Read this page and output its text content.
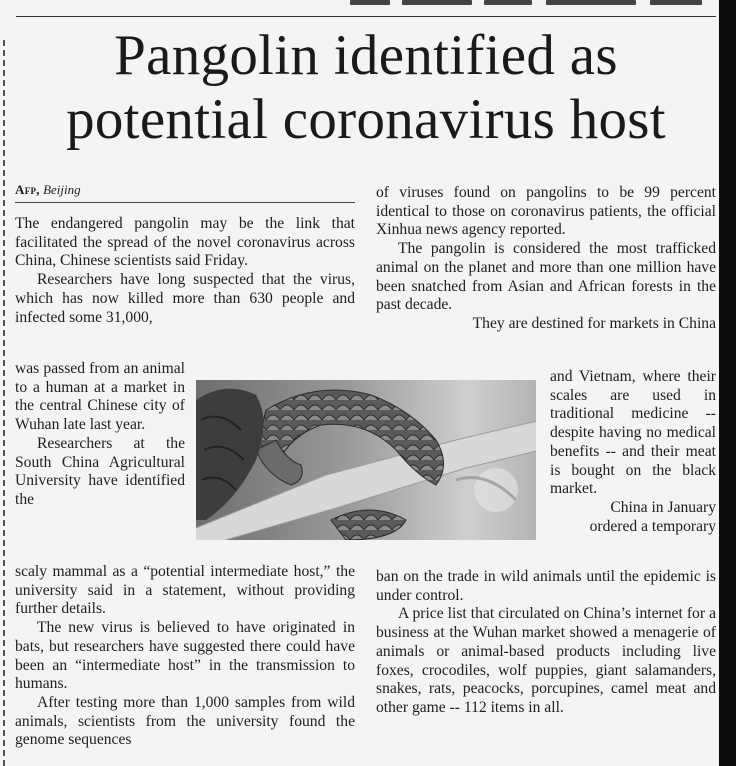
Pangolin identified as potential coronavirus host
Afp, Beijing

The endangered pangolin may be the link that facilitated the spread of the novel coronavirus across China, Chinese scientists said Friday.

Researchers have long suspected that the virus, which has now killed more than 630 people and infected some 31,000,

was passed from an animal to a human at a market in the central Chinese city of Wuhan late last year.

Researchers at the South China Agricultural University have identified the

scaly mammal as a “potential intermediate host,” the university said in a statement, without providing further details.

The new virus is believed to have originated in bats, but researchers have suggested there could have been an “intermediate host” in the transmission to humans.

After testing more than 1,000 samples from wild animals, scientists from the university found the genome sequences

of viruses found on pangolins to be 99 percent identical to those on coronavirus patients, the official Xinhua news agency reported.

The pangolin is considered the most trafficked animal on the planet and more than one million have been snatched from Asian and African forests in the past decade.

They are destined for markets in China

and Vietnam, where their scales are used in traditional medicine -- despite having no medical benefits -- and their meat is bought on the black market.

China in January ordered a temporary

ban on the trade in wild animals until the epidemic is under control.

A price list that circulated on China’s internet for a business at the Wuhan market showed a menagerie of animals or animal-based products including live foxes, crocodiles, wolf puppies, giant salamanders, snakes, rats, peacocks, porcupines, camel meat and other game -- 112 items in all.
